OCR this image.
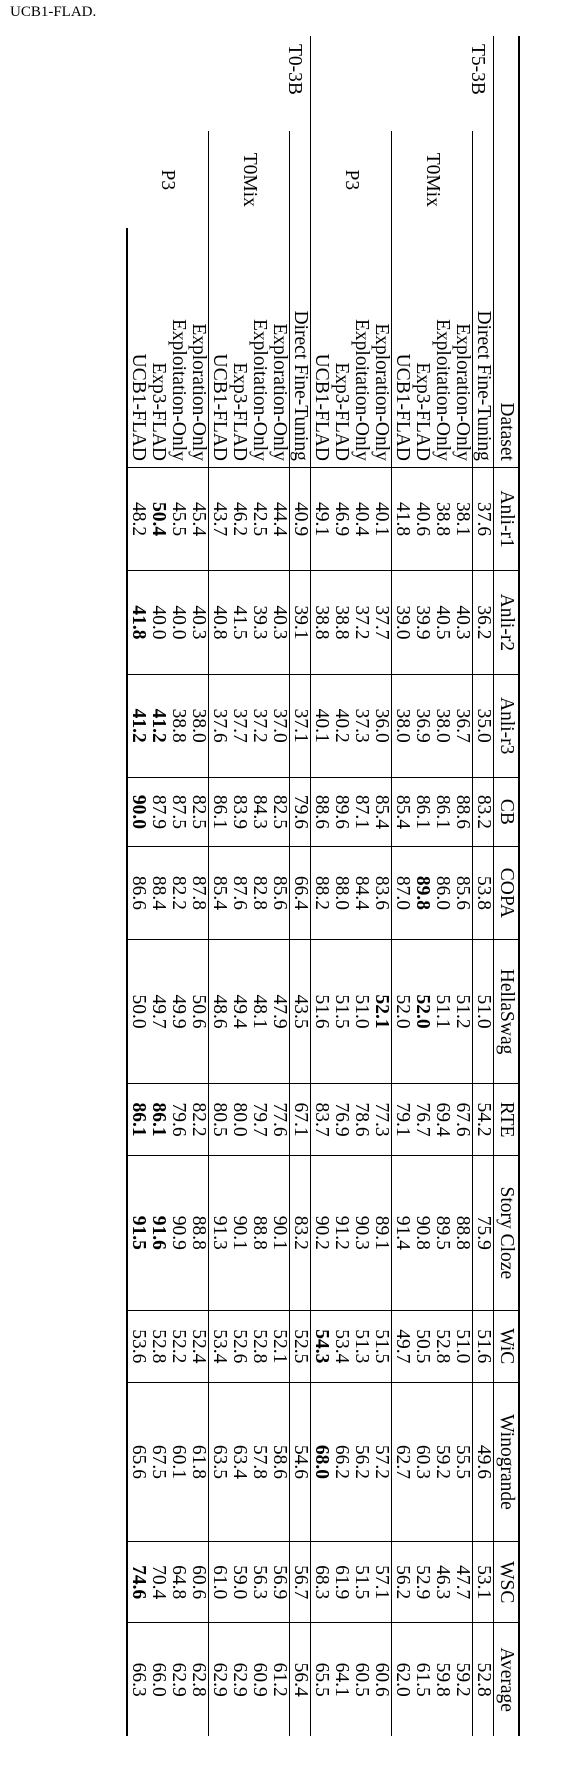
UCB1-FLAD.
		Dataset	Anli-r1	Anli-r2	Anli-r3	CB	COPA	HellaSwag	RTE	Story Cloze	WiC	Winogrande	WSC	Average
T5-3B		Direct Fine-Tuning	37.6	36.2	35.0	83.2	53.8	51.0	54.2	75.9	51.6	49.6	53.1	52.8
	T0Mix	Exploration-Only	38.1	40.3	36.7	88.6	85.6	51.2	67.6	88.8	51.0	55.5	47.7	59.2
		Exploitation-Only	38.8	40.5	38.0	86.1	86.0	51.1	69.4	89.5	52.8	59.2	46.3	59.8
		Exp3-FLAD	40.6	39.9	36.9	86.1	89.8	52.0	76.7	90.8	50.5	60.3	52.9	61.5
		UCB1-FLAD	41.8	39.0	38.0	85.4	87.0	52.0	79.1	91.4	49.7	62.7	56.2	62.0
	P3	Exploration-Only	40.1	37.7	36.0	85.4	83.6	52.1	77.3	89.1	51.5	57.2	57.1	60.6
		Exploitation-Only	40.4	37.2	37.3	87.1	84.4	51.0	78.6	90.3	51.3	56.2	51.5	60.5
		Exp3-FLAD	46.9	38.8	40.2	89.6	88.0	51.5	76.9	91.2	53.4	66.2	61.9	64.1
		UCB1-FLAD	49.1	38.8	40.1	88.6	88.2	51.6	83.7	90.2	54.3	68.0	68.3	65.5
T0-3B		Direct Fine-Tuning	40.9	39.1	37.1	79.6	66.4	43.5	67.1	83.2	52.5	54.6	56.7	56.4
	T0Mix	Exploration-Only	44.4	40.3	37.0	82.5	85.6	47.9	77.6	90.1	52.1	58.6	56.9	61.2
		Exploitation-Only	42.5	39.3	37.2	84.3	82.8	48.1	79.7	88.8	52.8	57.8	56.3	60.9
		Exp3-FLAD	46.2	41.5	37.7	83.9	87.6	49.4	80.0	90.1	52.6	63.4	59.0	62.9
		UCB1-FLAD	43.7	40.8	37.6	86.1	85.4	48.6	80.5	91.3	53.4	63.5	61.0	62.9
	P3	Exploration-Only	45.4	40.3	38.0	82.5	87.8	50.6	82.2	88.8	52.4	61.8	60.6	62.8
		Exploitation-Only	45.5	40.0	38.8	87.5	82.2	49.9	79.6	90.9	52.2	60.1	64.8	62.9
		Exp3-FLAD	50.4	40.0	41.2	87.9	88.4	49.7	86.1	91.6	52.8	67.5	70.4	66.0
		UCB1-FLAD	48.2	41.8	41.2	90.0	86.6	50.0	86.1	91.5	53.6	65.6	74.6	66.3
